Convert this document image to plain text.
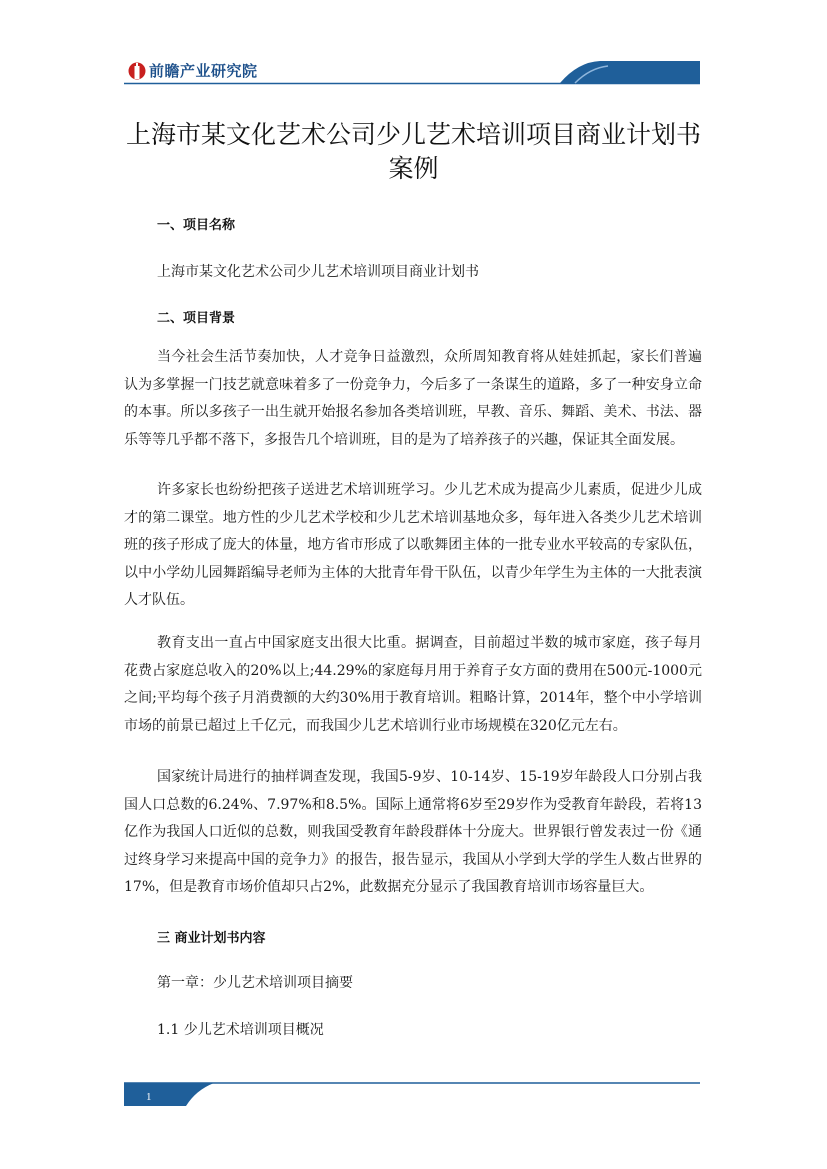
前瞻产业研究院
上海市某文化艺术公司少儿艺术培训项目商业计划书案例
一、项目名称
上海市某文化艺术公司少儿艺术培训项目商业计划书
二、项目背景

当今社会生活节奏加快，人才竞争日益激烈，众所周知教育将从娃娃抓起，家长们普遍认为多掌握一门技艺就意味着多了一份竞争力，今后多了一条谋生的道路，多了一种安身立命的本事。所以多孩子一出生就开始报名参加各类培训班，早教、音乐、舞蹈、美术、书法、器乐等等几乎都不落下，多报告几个培训班，目的是为了培养孩子的兴趣，保证其全面发展。

许多家长也纷纷把孩子送进艺术培训班学习。少儿艺术成为提高少儿素质，促进少儿成才的第二课堂。地方性的少儿艺术学校和少儿艺术培训基地众多，每年进入各类少儿艺术培训班的孩子形成了庞大的体量，地方省市形成了以歌舞团主体的一批专业水平较高的专家队伍，以中小学幼儿园舞蹈编导老师为主体的大批青年骨干队伍，以青少年学生为主体的一大批表演人才队伍。

教育支出一直占中国家庭支出很大比重。据调查，目前超过半数的城市家庭，孩子每月花费占家庭总收入的20%以上;44.29%的家庭每月用于养育子女方面的费用在500元-1000元之间;平均每个孩子月消费额的大约30%用于教育培训。粗略计算，2014年，整个中小学培训市场的前景已超过上千亿元，而我国少儿艺术培训行业市场规模在320亿元左右。

国家统计局进行的抽样调查发现，我国5-9岁、10-14岁、15-19岁年龄段人口分别占我国人口总数的6.24%、7.97%和8.5%。国际上通常将6岁至29岁作为受教育年龄段，若将13亿作为我国人口近似的总数，则我国受教育年龄段群体十分庞大。世界银行曾发表过一份《通过终身学习来提高中国的竞争力》的报告，报告显示，我国从小学到大学的学生人数占世界的17%，但是教育市场价值却只占2%，此数据充分显示了我国教育培训市场容量巨大。

三 商业计划书内容
第一章：少儿艺术培训项目摘要
1.1 少儿艺术培训项目概况
1
